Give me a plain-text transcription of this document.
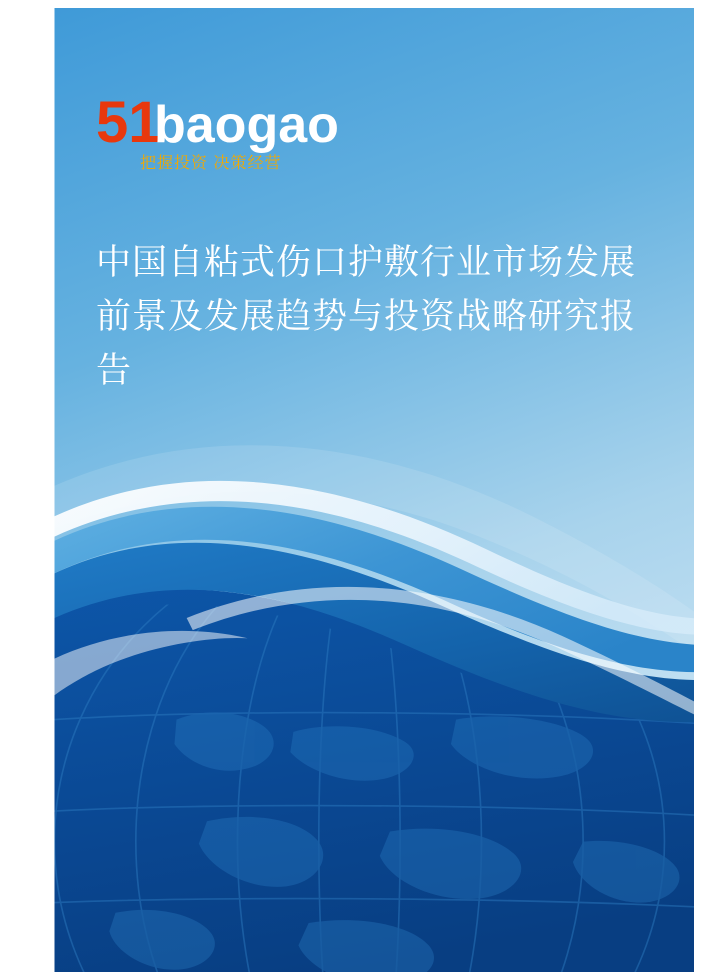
51
baogao
把握投资 决策经营
中国自粘式伤口护敷行业市场发展前景及发展趋势与投资战略研究报告
